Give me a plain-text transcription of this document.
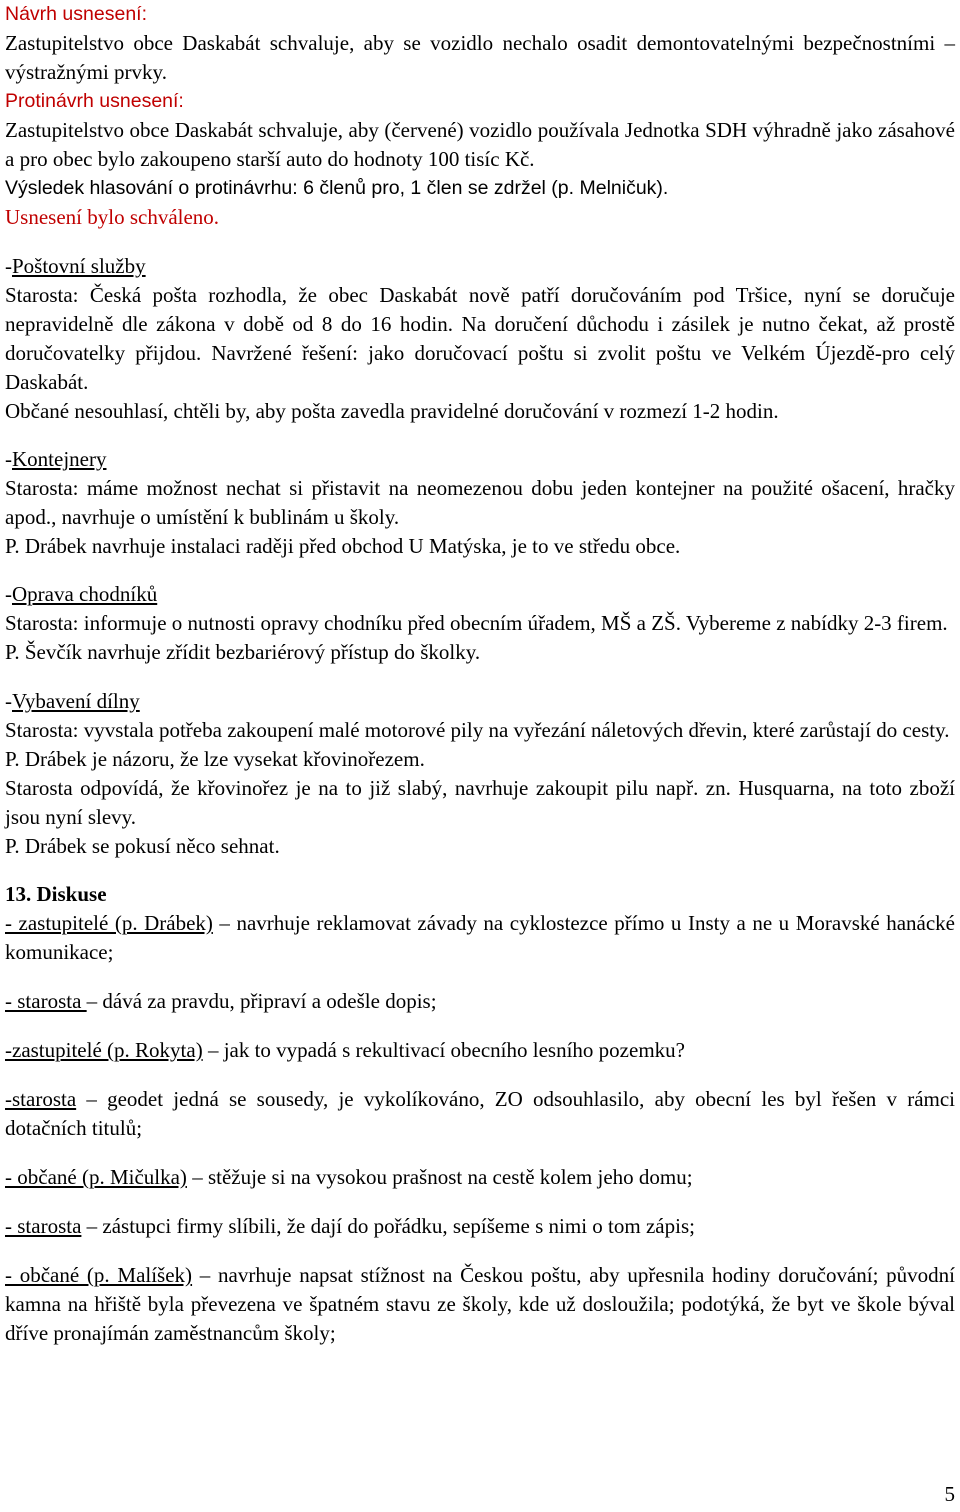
Návrh usnesení:

Zastupitelstvo obce Daskabát schvaluje, aby se vozidlo nechalo osadit demontovatelnými bezpečnostními – výstražnými prvky.

Protinávrh usnesení:

Zastupitelstvo obce Daskabát schvaluje, aby (červené) vozidlo používala Jednotka SDH výhradně jako zásahové a pro obec bylo zakoupeno starší auto do hodnoty 100 tisíc Kč.

Výsledek hlasování o protinávrhu: 6 členů pro, 1 člen se zdržel (p. Melničuk).

Usnesení bylo schváleno.

-Poštovní služby

Starosta: Česká pošta rozhodla, že obec Daskabát nově patří doručováním pod Tršice, nyní se doručuje nepravidelně dle zákona v době od 8 do 16 hodin. Na doručení důchodu i zásilek je nutno čekat, až prostě doručovatelky přijdou. Navržené řešení: jako doručovací poštu si zvolit poštu ve Velkém Újezdě-pro celý Daskabát.

Občané nesouhlasí, chtěli by, aby pošta zavedla pravidelné doručování v rozmezí 1-2 hodin.

-Kontejnery

Starosta: máme možnost nechat si přistavit na neomezenou dobu jeden kontejner na použité ošacení, hračky apod., navrhuje o umístění k bublinám u školy.

P. Drábek navrhuje instalaci raději před obchod U Matýska, je to ve středu obce.

-Oprava chodníků

Starosta: informuje o nutnosti opravy chodníku před obecním úřadem, MŠ a ZŠ. Vybereme z nabídky 2-3 firem.

P. Ševčík navrhuje zřídit bezbariérový přístup do školky.

-Vybavení dílny

Starosta: vyvstala potřeba zakoupení malé motorové pily na vyřezání náletových dřevin, které zarůstají do cesty.

P. Drábek je názoru, že lze vysekat křovinořezem.

Starosta odpovídá, že křovinořez je na to již slabý, navrhuje zakoupit pilu např. zn. Husquarna, na toto zboží jsou nyní slevy.

P. Drábek se pokusí něco sehnat.

13. Diskuse

- zastupitelé (p. Drábek) – navrhuje reklamovat závady na cyklostezce přímo u Insty a ne u Moravské hanácké komunikace;

- starosta – dává za pravdu, připraví a odešle dopis;

-zastupitelé (p. Rokyta) – jak to vypadá s rekultivací obecního lesního pozemku?

-starosta – geodet jedná se sousedy, je vykolíkováno, ZO odsouhlasilo, aby obecní les byl řešen v rámci dotačních titulů;

- občané (p. Mičulka) – stěžuje si na vysokou prašnost na cestě kolem jeho domu;

- starosta – zástupci firmy slíbili, že dají do pořádku, sepíšeme s nimi o tom zápis;

- občané (p. Malíšek) – navrhuje napsat stížnost na Českou poštu, aby upřesnila hodiny doručování; původní kamna na hřiště byla převezena ve špatném stavu ze školy, kde už dosloužila; podotýká, že byt ve škole býval dříve pronajímán zaměstnancům školy;

5
